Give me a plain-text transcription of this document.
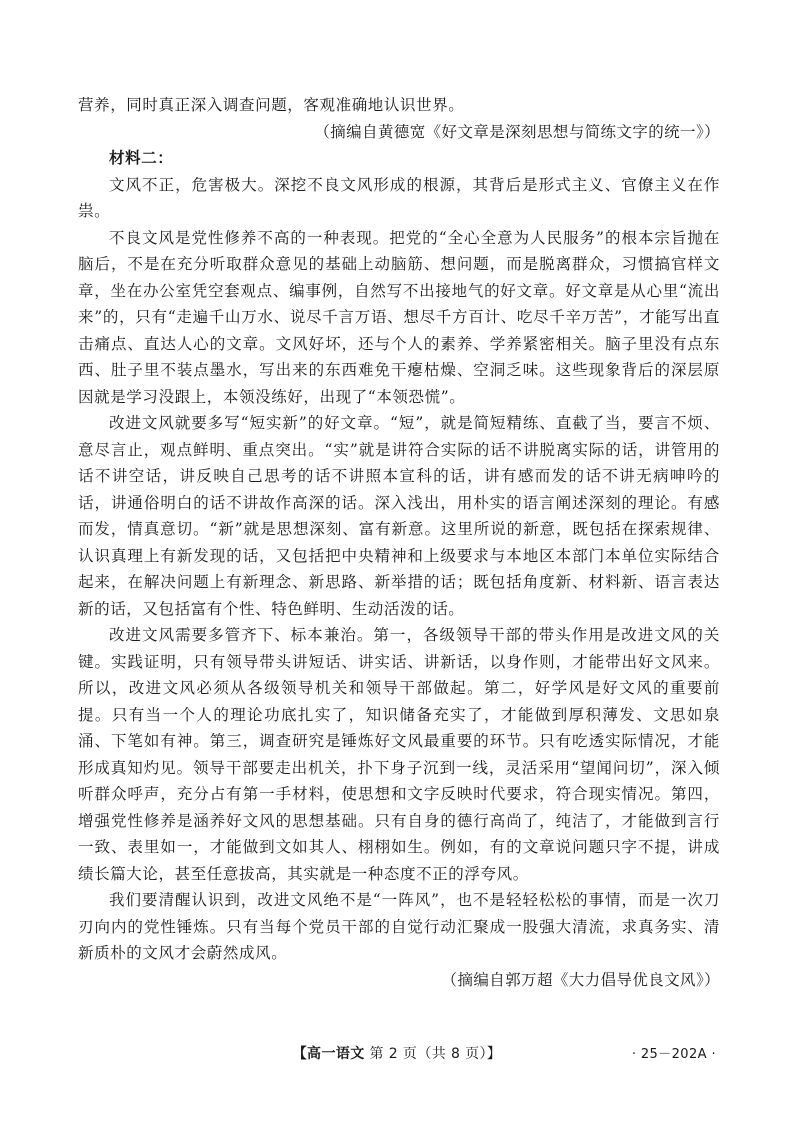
营养，同时真正深入调查问题，客观准确地认识世界。

（摘编自黄德宽《好文章是深刻思想与简练文字的统一》）

材料二：

文风不正，危害极大。深挖不良文风形成的根源，其背后是形式主义、官僚主义在作祟。

不良文风是党性修养不高的一种表现。把党的“全心全意为人民服务”的根本宗旨抛在脑后，不是在充分听取群众意见的基础上动脑筋、想问题，而是脱离群众，习惯搞官样文章，坐在办公室凭空套观点、编事例，自然写不出接地气的好文章。好文章是从心里“流出来”的，只有“走遍千山万水、说尽千言万语、想尽千方百计、吃尽千辛万苦”，才能写出直击痛点、直达人心的文章。文风好坏，还与个人的素养、学养紧密相关。脑子里没有点东西、肚子里不装点墨水，写出来的东西难免干瘪枯燥、空洞乏味。这些现象背后的深层原因就是学习没跟上，本领没练好，出现了“本领恐慌”。

改进文风就要多写“短实新”的好文章。“短”，就是简短精练、直截了当，要言不烦、意尽言止，观点鲜明、重点突出。“实”就是讲符合实际的话不讲脱离实际的话，讲管用的话不讲空话，讲反映自己思考的话不讲照本宣科的话，讲有感而发的话不讲无病呻吟的话，讲通俗明白的话不讲故作高深的话。深入浅出，用朴实的语言阐述深刻的理论。有感而发，情真意切。“新”就是思想深刻、富有新意。这里所说的新意，既包括在探索规律、认识真理上有新发现的话，又包括把中央精神和上级要求与本地区本部门本单位实际结合起来，在解决问题上有新理念、新思路、新举措的话；既包括角度新、材料新、语言表达新的话，又包括富有个性、特色鲜明、生动活泼的话。

改进文风需要多管齐下、标本兼治。第一，各级领导干部的带头作用是改进文风的关键。实践证明，只有领导带头讲短话、讲实话、讲新话，以身作则，才能带出好文风来。所以，改进文风必须从各级领导机关和领导干部做起。第二，好学风是好文风的重要前提。只有当一个人的理论功底扎实了，知识储备充实了，才能做到厚积薄发、文思如泉涌、下笔如有神。第三，调查研究是锤炼好文风最重要的环节。只有吃透实际情况，才能形成真知灼见。领导干部要走出机关，扑下身子沉到一线，灵活采用“望闻问切”，深入倾听群众呼声，充分占有第一手材料，使思想和文字反映时代要求，符合现实情况。第四，增强党性修养是涵养好文风的思想基础。只有自身的德行高尚了，纯洁了，才能做到言行一致、表里如一，才能做到文如其人、栩栩如生。例如，有的文章说问题只字不提，讲成绩长篇大论，甚至任意拔高，其实就是一种态度不正的浮夸风。

我们要清醒认识到，改进文风绝不是“一阵风”，也不是轻轻松松的事情，而是一次刀刃向内的党性锤炼。只有当每个党员干部的自觉行动汇聚成一股强大清流，求真务实、清新质朴的文风才会蔚然成风。

（摘编自郭万超《大力倡导优良文风》）

【高一语文 第 2 页（共 8 页）】	· 25－202A ·
